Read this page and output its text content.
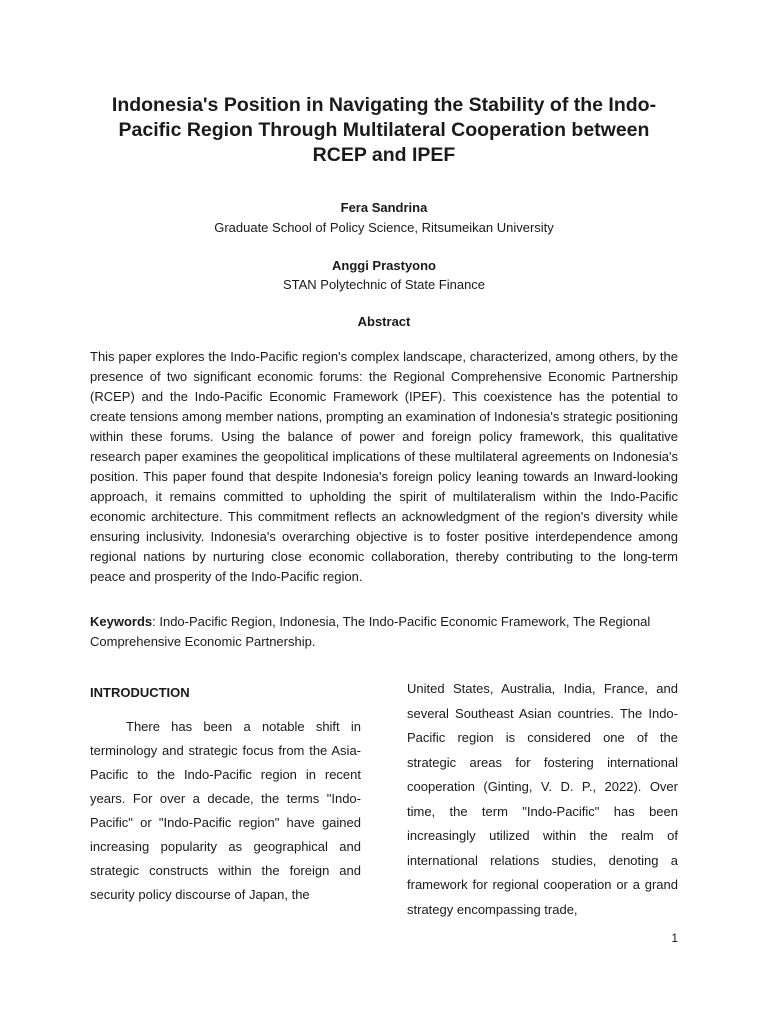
Indonesia's Position in Navigating the Stability of the Indo-Pacific Region Through Multilateral Cooperation between RCEP and IPEF
Fera Sandrina
Graduate School of Policy Science, Ritsumeikan University
Anggi Prastyono
STAN Polytechnic of State Finance
Abstract

This paper explores the Indo-Pacific region's complex landscape, characterized, among others, by the presence of two significant economic forums: the Regional Comprehensive Economic Partnership (RCEP) and the Indo-Pacific Economic Framework (IPEF). This coexistence has the potential to create tensions among member nations, prompting an examination of Indonesia's strategic positioning within these forums. Using the balance of power and foreign policy framework, this qualitative research paper examines the geopolitical implications of these multilateral agreements on Indonesia's position. This paper found that despite Indonesia's foreign policy leaning towards an Inward-looking approach, it remains committed to upholding the spirit of multilateralism within the Indo-Pacific economic architecture. This commitment reflects an acknowledgment of the region's diversity while ensuring inclusivity. Indonesia's overarching objective is to foster positive interdependence among regional nations by nurturing close economic collaboration, thereby contributing to the long-term peace and prosperity of the Indo-Pacific region.

Keywords: Indo-Pacific Region, Indonesia, The Indo-Pacific Economic Framework, The Regional Comprehensive Economic Partnership.

INTRODUCTION

There has been a notable shift in terminology and strategic focus from the Asia-Pacific to the Indo-Pacific region in recent years. For over a decade, the terms "Indo-Pacific" or "Indo-Pacific region" have gained increasing popularity as geographical and strategic constructs within the foreign and security policy discourse of Japan, the

United States, Australia, India, France, and several Southeast Asian countries. The Indo-Pacific region is considered one of the strategic areas for fostering international cooperation (Ginting, V. D. P., 2022). Over time, the term "Indo-Pacific" has been increasingly utilized within the realm of international relations studies, denoting a framework for regional cooperation or a grand strategy encompassing trade,

1
